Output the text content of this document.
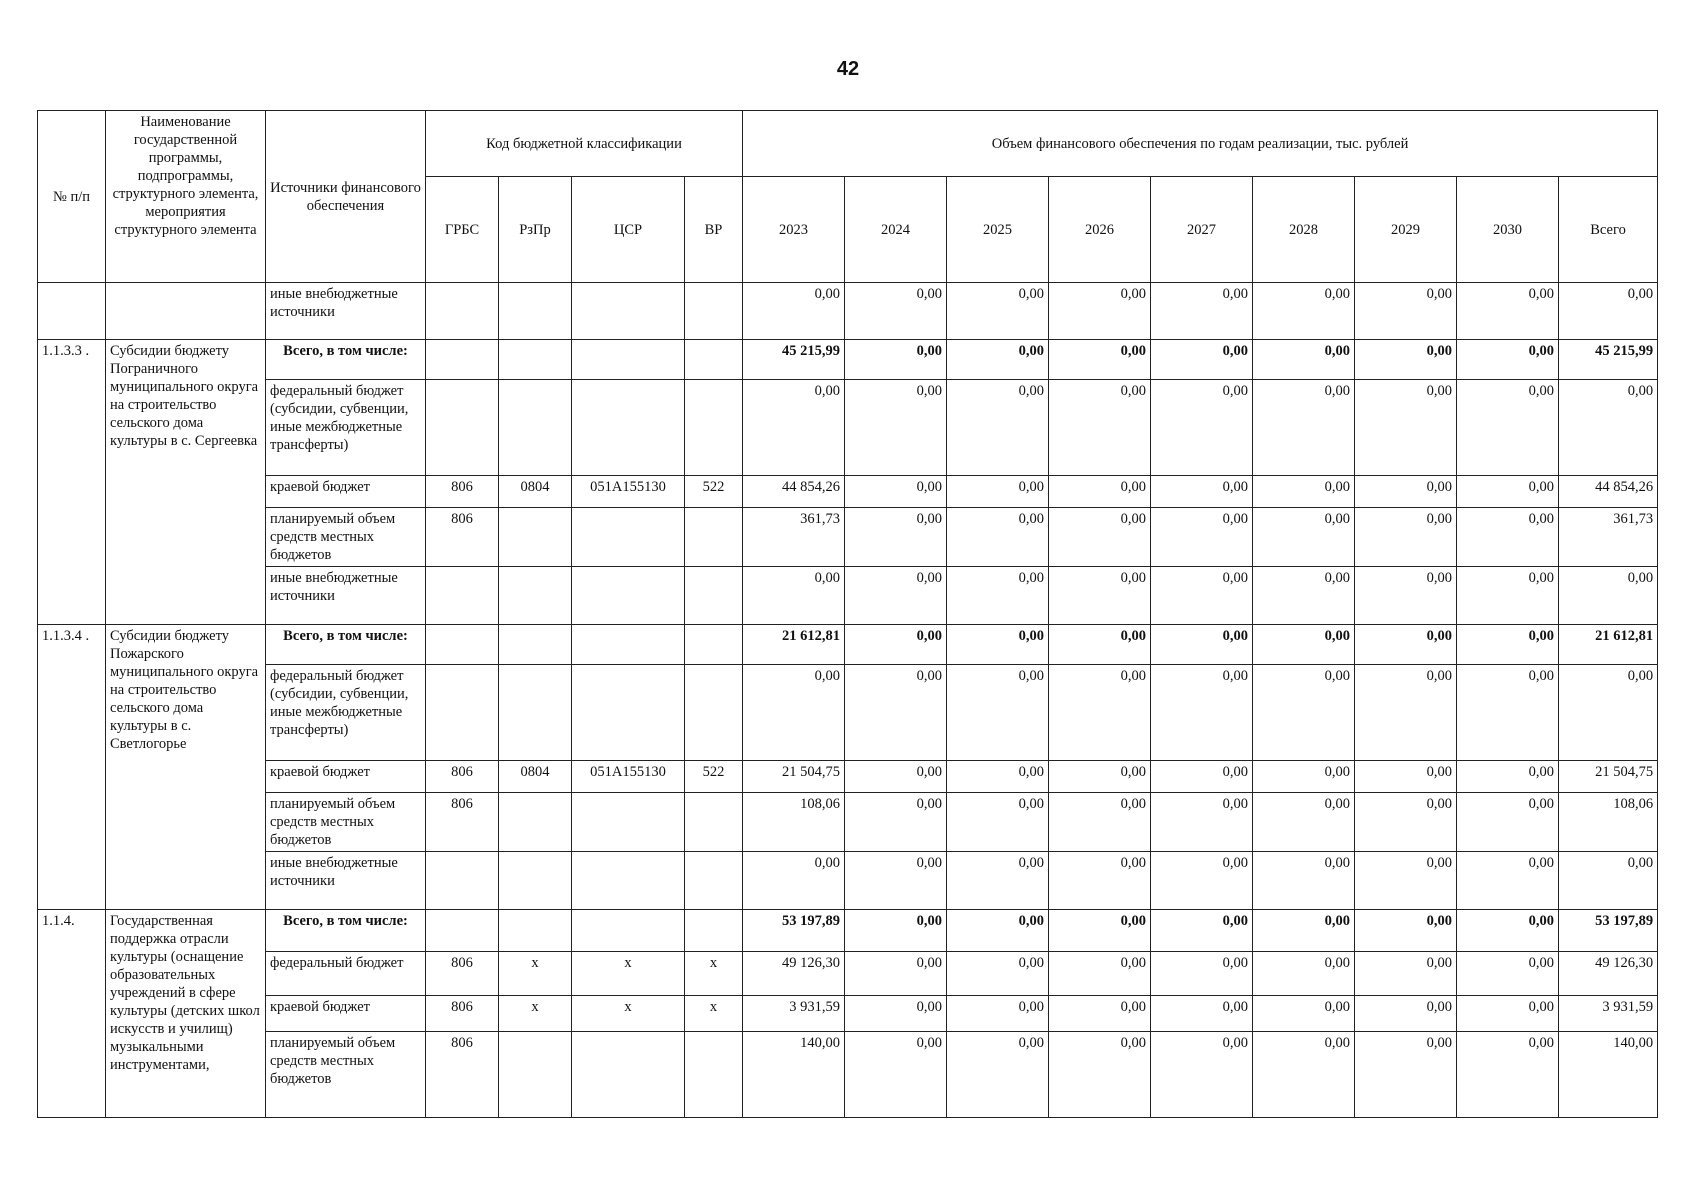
42
№ п/п	Наименование государственной программы, подпрограммы, структурного элемента, мероприятия структурного элемента	Источники финансового обеспечения	Код бюджетной классификации				Объем финансового обеспечения по годам реализации, тыс. рублей								
			ГРБС	РзПр	ЦСР	ВР	2023	2024	2025	2026	2027	2028	2029	2030	Всего
		иные внебюджетные источники					0,00	0,00	0,00	0,00	0,00	0,00	0,00	0,00	0,00
1.1.3.3 .	Субсидии бюджету Пограничного муниципального округа на строительство сельского дома культуры в с. Сергеевка	Всего, в том числе:					45 215,99	0,00	0,00	0,00	0,00	0,00	0,00	0,00	45 215,99
		федеральный бюджет (субсидии, субвенции, иные межбюджетные трансферты)					0,00	0,00	0,00	0,00	0,00	0,00	0,00	0,00	0,00
		краевой бюджет	806	0804	051A155130	522	44 854,26	0,00	0,00	0,00	0,00	0,00	0,00	0,00	44 854,26
		планируемый объем средств местных бюджетов	806				361,73	0,00	0,00	0,00	0,00	0,00	0,00	0,00	361,73
		иные внебюджетные источники					0,00	0,00	0,00	0,00	0,00	0,00	0,00	0,00	0,00
1.1.3.4 .	Субсидии бюджету Пожарского муниципального округа на строительство сельского дома культуры в с. Светлогорье	Всего, в том числе:					21 612,81	0,00	0,00	0,00	0,00	0,00	0,00	0,00	21 612,81
		федеральный бюджет (субсидии, субвенции, иные межбюджетные трансферты)					0,00	0,00	0,00	0,00	0,00	0,00	0,00	0,00	0,00
		краевой бюджет	806	0804	051A155130	522	21 504,75	0,00	0,00	0,00	0,00	0,00	0,00	0,00	21 504,75
		планируемый объем средств местных бюджетов	806				108,06	0,00	0,00	0,00	0,00	0,00	0,00	0,00	108,06
		иные внебюджетные источники					0,00	0,00	0,00	0,00	0,00	0,00	0,00	0,00	0,00
1.1.4.	Государственная поддержка отрасли культуры (оснащение образовательных учреждений в сфере культуры (детских школ искусств и училищ) музыкальными инструментами,	Всего, в том числе:					53 197,89	0,00	0,00	0,00	0,00	0,00	0,00	0,00	53 197,89
		федеральный бюджет	806	x	x	x	49 126,30	0,00	0,00	0,00	0,00	0,00	0,00	0,00	49 126,30
		краевой бюджет	806	x	x	x	3 931,59	0,00	0,00	0,00	0,00	0,00	0,00	0,00	3 931,59
		планируемый объем средств местных бюджетов	806				140,00	0,00	0,00	0,00	0,00	0,00	0,00	0,00	140,00
